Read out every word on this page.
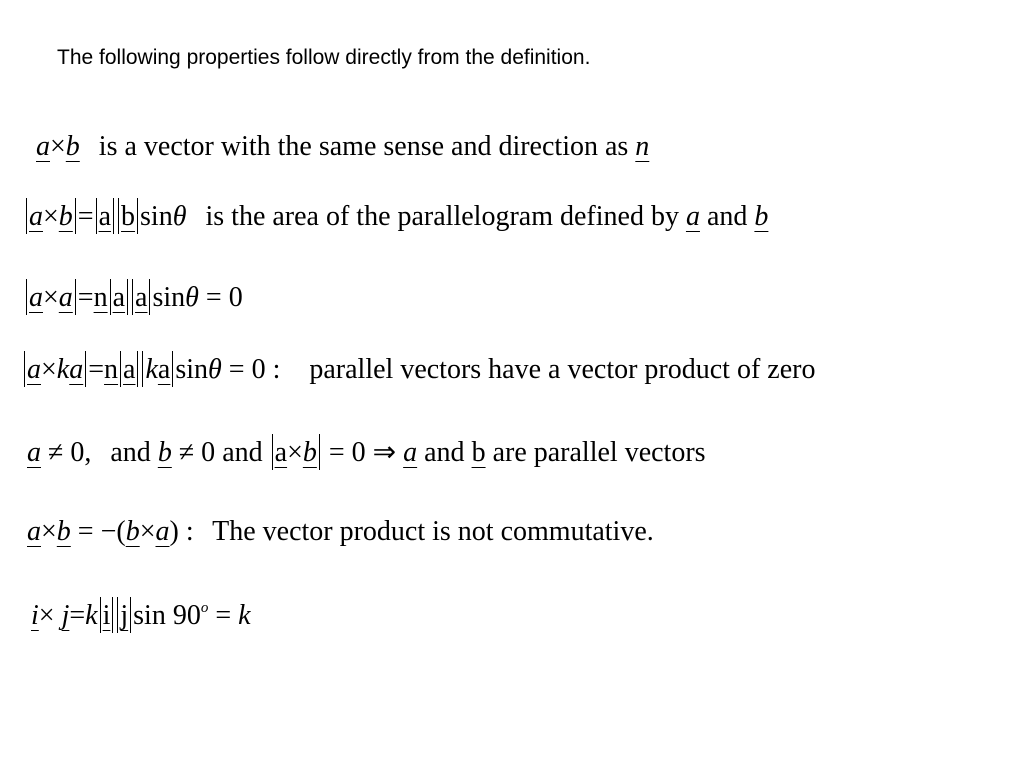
The following properties follow directly from the definition.
a×b is a vector with the same sense and direction as n
a×b = a b sinθ is the area of the parallelogram defined by a and b
a×a =n a a sinθ = 0
a×ka =n a ka sinθ = 0 : parallel vectors have a vector product of zero
a ≠ 0, and b ≠ 0 and a×b = 0 ⇒ a and b are parallel vectors
a×b = −(b×a) : The vector product is not commutative.
i× j=k i j $\sin 90^o = k$
